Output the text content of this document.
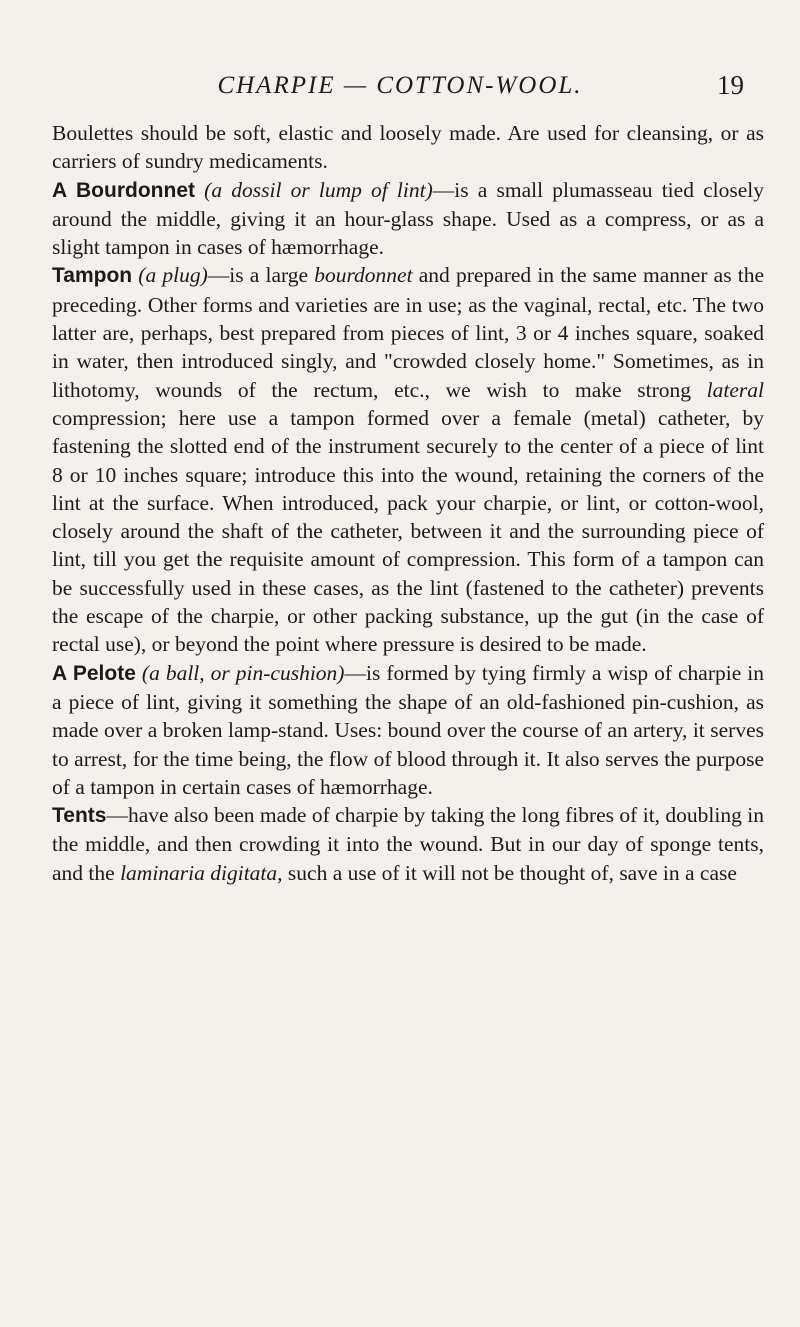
CHARPIE — COTTON-WOOL.	19

Boulettes should be soft, elastic and loosely made. Are used for cleansing, or as carriers of sundry medicaments.

A Bourdonnet (a dossil or lump of lint)—is a small plumasseau tied closely around the middle, giving it an hour-glass shape. Used as a compress, or as a slight tampon in cases of hæmorrhage.

Tampon (a plug)—is a large bourdonnet and prepared in the same manner as the preceding. Other forms and varieties are in use; as the vaginal, rectal, etc. The two latter are, perhaps, best prepared from pieces of lint, 3 or 4 inches square, soaked in water, then introduced singly, and "crowded closely home." Sometimes, as in lithotomy, wounds of the rectum, etc., we wish to make strong lateral compression; here use a tampon formed over a female (metal) catheter, by fastening the slotted end of the instrument securely to the center of a piece of lint 8 or 10 inches square; introduce this into the wound, retaining the corners of the lint at the surface. When introduced, pack your charpie, or lint, or cotton-wool, closely around the shaft of the catheter, between it and the surrounding piece of lint, till you get the requisite amount of compression. This form of a tampon can be successfully used in these cases, as the lint (fastened to the catheter) prevents the escape of the charpie, or other packing substance, up the gut (in the case of rectal use), or beyond the point where pressure is desired to be made.

A Pelote (a ball, or pin-cushion)—is formed by tying firmly a wisp of charpie in a piece of lint, giving it something the shape of an old-fashioned pin-cushion, as made over a broken lamp-stand. Uses: bound over the course of an artery, it serves to arrest, for the time being, the flow of blood through it. It also serves the purpose of a tampon in certain cases of hæmorrhage.

Tents—have also been made of charpie by taking the long fibres of it, doubling in the middle, and then crowding it into the wound. But in our day of sponge tents, and the laminaria digitata, such a use of it will not be thought of, save in a case
